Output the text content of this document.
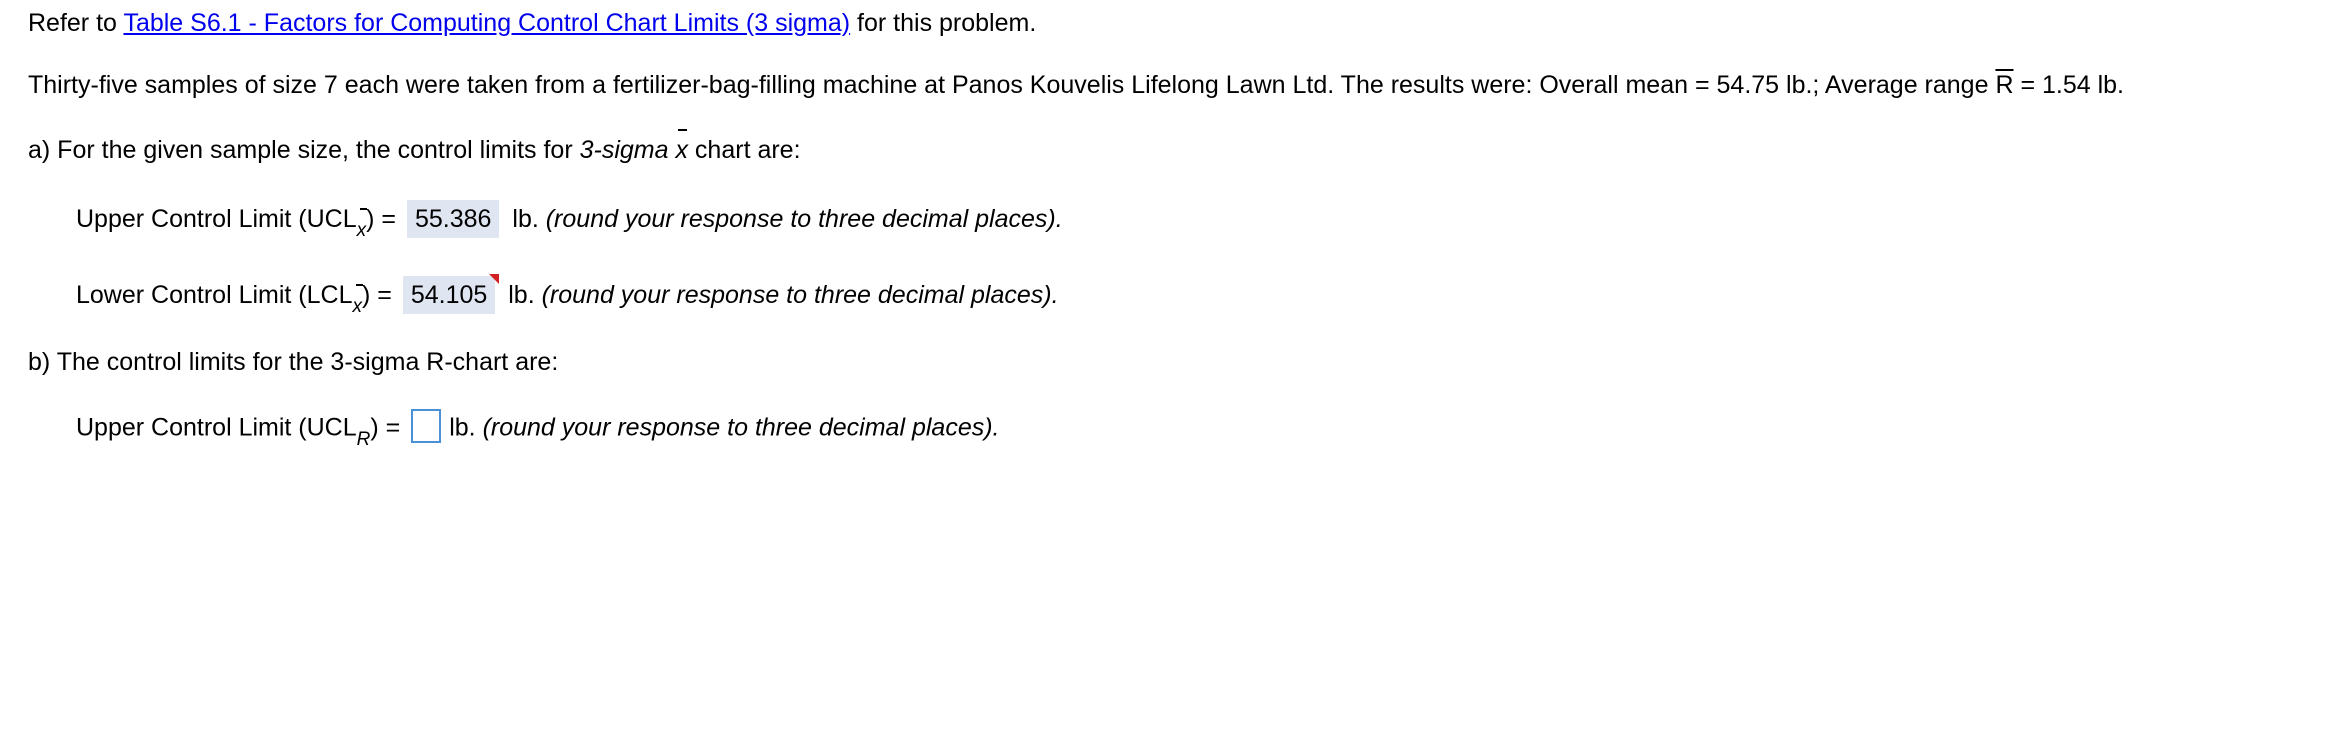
Refer to Table S6.1 - Factors for Computing Control Chart Limits (3 sigma) for this problem.
Thirty-five samples of size 7 each were taken from a fertilizer-bag-filling machine at Panos Kouvelis Lifelong Lawn Ltd. The results were: Overall mean = 54.75 lb.; Average range $\overline{R} = 1.54$ lb.
a) For the given sample size, the control limits for 3-sigma x chart are:
Upper Control Limit (UCL
x) = 55.386 lb. (round your response to three decimal places).
Lower Control Limit (LCL
x) = 54.105
lb. (round your response to three decimal places).
b) The control limits for the 3-sigma R-chart are:
Upper Control Limit (UCLR) = lb. (round your response to three decimal places).
